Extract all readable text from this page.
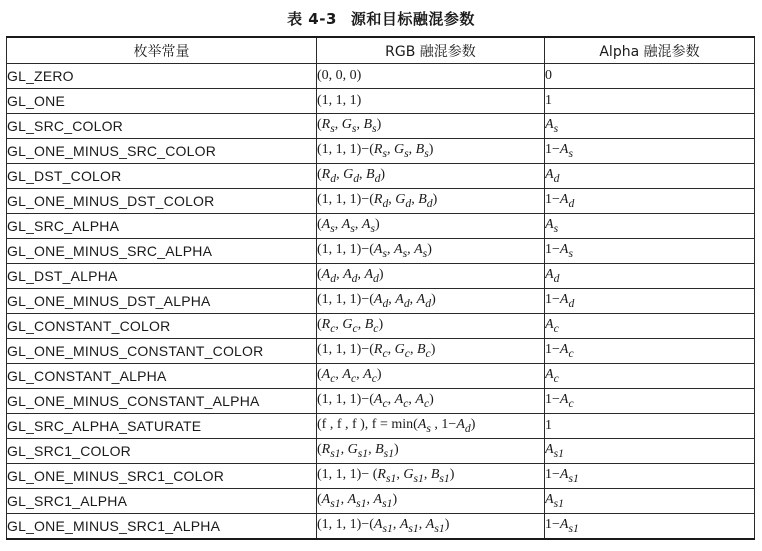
表 4-3 源和目标融混参数
枚举常量	RGB 融混参数	Alpha 融混参数
GL_ZERO	(0, 0, 0)	0
GL_ONE	(1, 1, 1)	1
GL_SRC_COLOR	($R_s$, $G_s$, $B_s$)	$A_s$
GL_ONE_MINUS_SRC_COLOR	(1, 1, $1)-(R_s$, $G_s$, $B_s$)	$1-A_s$
GL_DST_COLOR	($R_d$, $G_d$, $B_d$)	$A_d$
GL_ONE_MINUS_DST_COLOR	(1, 1, $1)-(R_d$, $G_d$, $B_d$)	$1-A_d$
GL_SRC_ALPHA	($A_s$, $A_s$, $A_s$)	$A_s$
GL_ONE_MINUS_SRC_ALPHA	(1, 1, $1)-(A_s$, $A_s$, $A_s$)	$1-A_s$
GL_DST_ALPHA	($A_d$, $A_d$, $A_d$)	$A_d$
GL_ONE_MINUS_DST_ALPHA	(1, 1, $1)-(A_d$, $A_d$, $A_d$)	$1-A_d$
GL_CONSTANT_COLOR	($R_c$, $G_c$, $B_c$)	$A_c$
GL_ONE_MINUS_CONSTANT_COLOR	(1, 1, $1)-(R_c$, $G_c$, $B_c$)	$1-A_c$
GL_CONSTANT_ALPHA	($A_c$, $A_c$, $A_c$)	$A_c$
GL_ONE_MINUS_CONSTANT_ALPHA	(1, 1, $1)-(A_c$, $A_c$, $A_c$)	$1-A_c$
GL_SRC_ALPHA_SATURATE	(f , f , f ), $f = \min(A_s$ , $1-A_d$)	1
GL_SRC1_COLOR	($R_{s1}$, $G_{s1}$, $B_{s1}$)	$A_{s1}$
GL_ONE_MINUS_SRC1_COLOR	(1, 1, $1)- (R_{s1}$, $G_{s1}$, $B_{s1}$)	$1-A_{s1}$
GL_SRC1_ALPHA	($A_{s1}$, $A_{s1}$, $A_{s1}$)	$A_{s1}$
GL_ONE_MINUS_SRC1_ALPHA	(1, 1, $1)-(A_{s1}$, $A_{s1}$, $A_{s1}$)	$1-A_{s1}$
